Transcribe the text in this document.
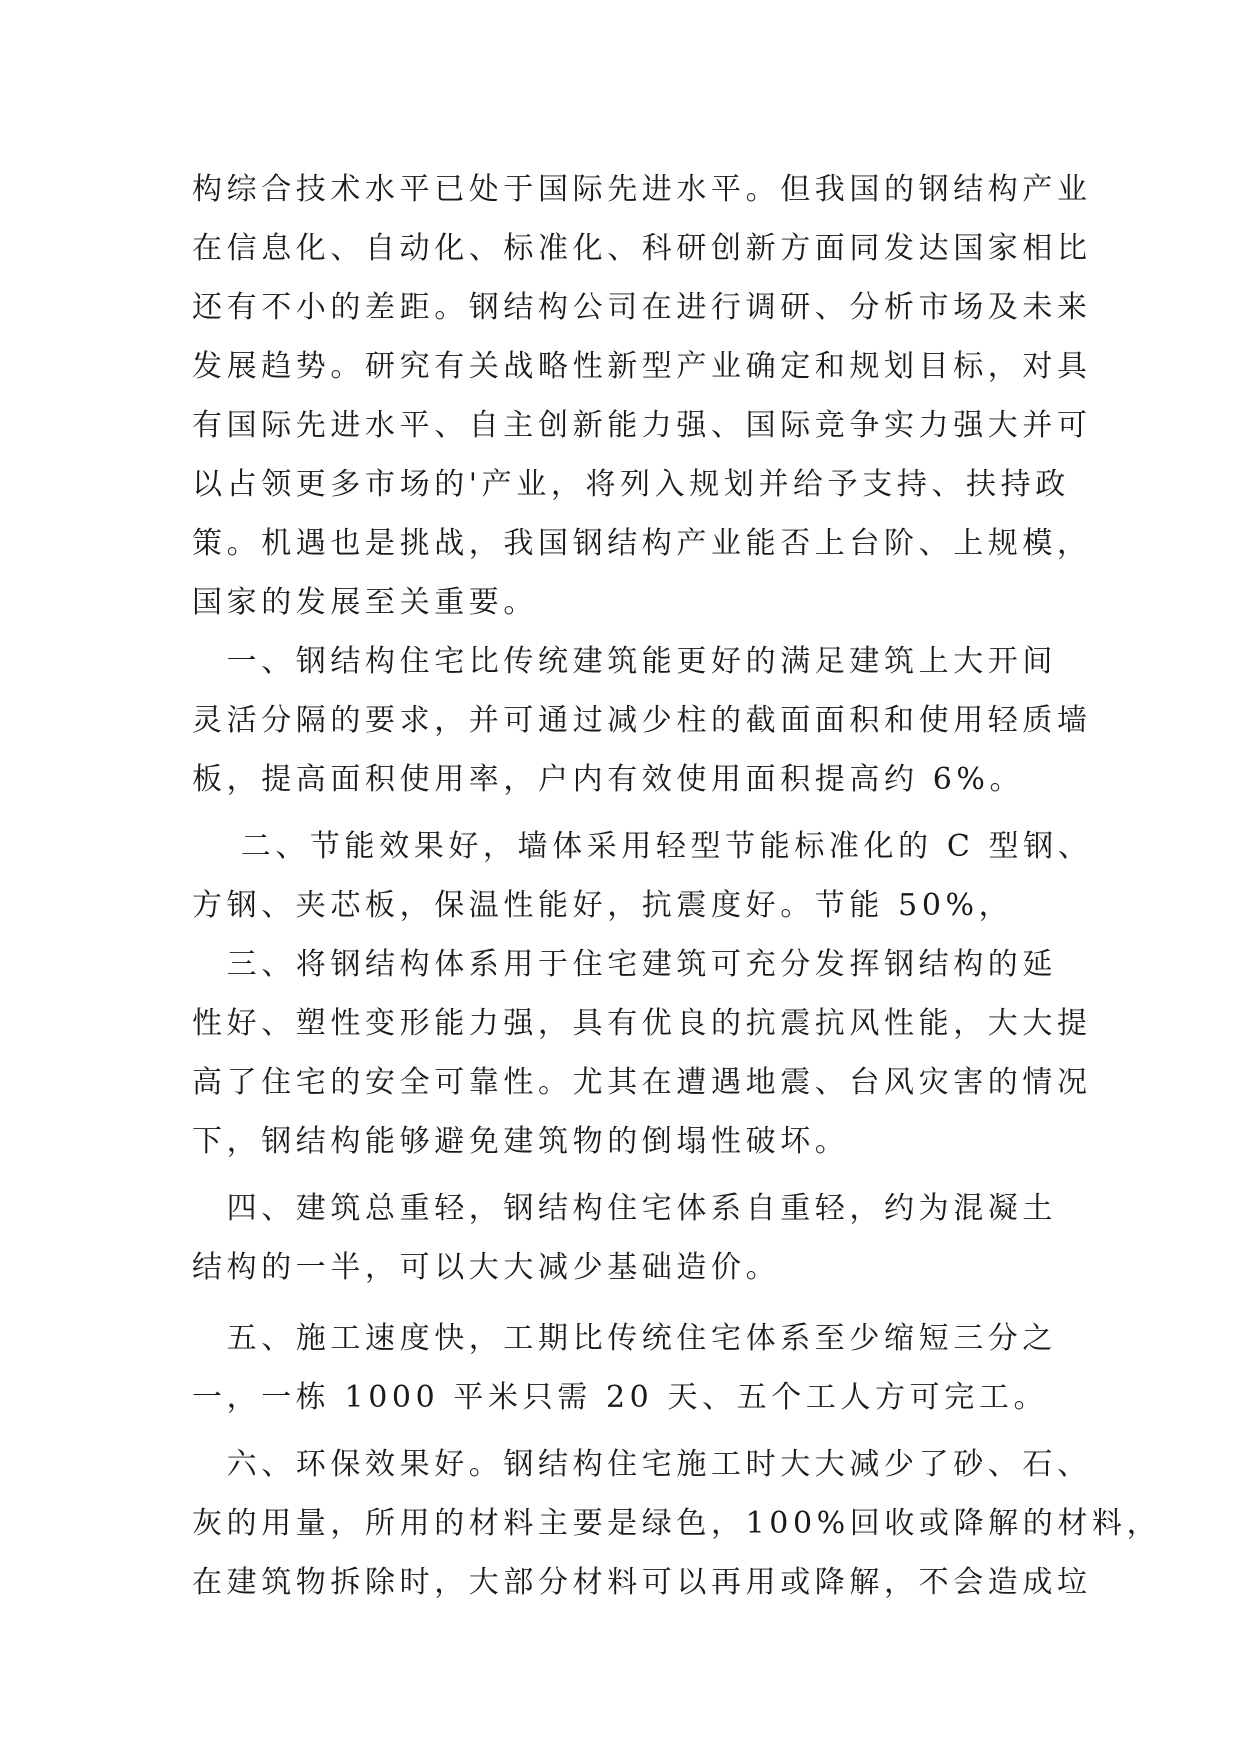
构综合技术水平已处于国际先进水平。但我国的钢结构产业
在信息化、自动化、标准化、科研创新方面同发达国家相比
还有不小的差距。钢结构公司在进行调研、分析市场及未来
发展趋势。研究有关战略性新型产业确定和规划目标，对具
有国际先进水平、自主创新能力强、国际竞争实力强大并可
以占领更多市场的'产业，将列入规划并给予支持、扶持政
策。机遇也是挑战，我国钢结构产业能否上台阶、上规模，
国家的发展至关重要。
　一、钢结构住宅比传统建筑能更好的满足建筑上大开间
灵活分隔的要求，并可通过减少柱的截面面积和使用轻质墙
板，提高面积使用率，户内有效使用面积提高约 6%。
　 二、节能效果好，墙体采用轻型节能标准化的 C 型钢、
方钢、夹芯板，保温性能好，抗震度好。节能 50%，
　三、将钢结构体系用于住宅建筑可充分发挥钢结构的延
性好、塑性变形能力强，具有优良的抗震抗风性能，大大提
高了住宅的安全可靠性。尤其在遭遇地震、台风灾害的情况
下，钢结构能够避免建筑物的倒塌性破坏。
　四、建筑总重轻，钢结构住宅体系自重轻，约为混凝土
结构的一半，可以大大减少基础造价。
　五、施工速度快，工期比传统住宅体系至少缩短三分之
一，一栋 1000 平米只需 20 天、五个工人方可完工。
　六、环保效果好。钢结构住宅施工时大大减少了砂、石、
灰的用量，所用的材料主要是绿色，100%回收或降解的材料，
在建筑物拆除时，大部分材料可以再用或降解，不会造成垃
